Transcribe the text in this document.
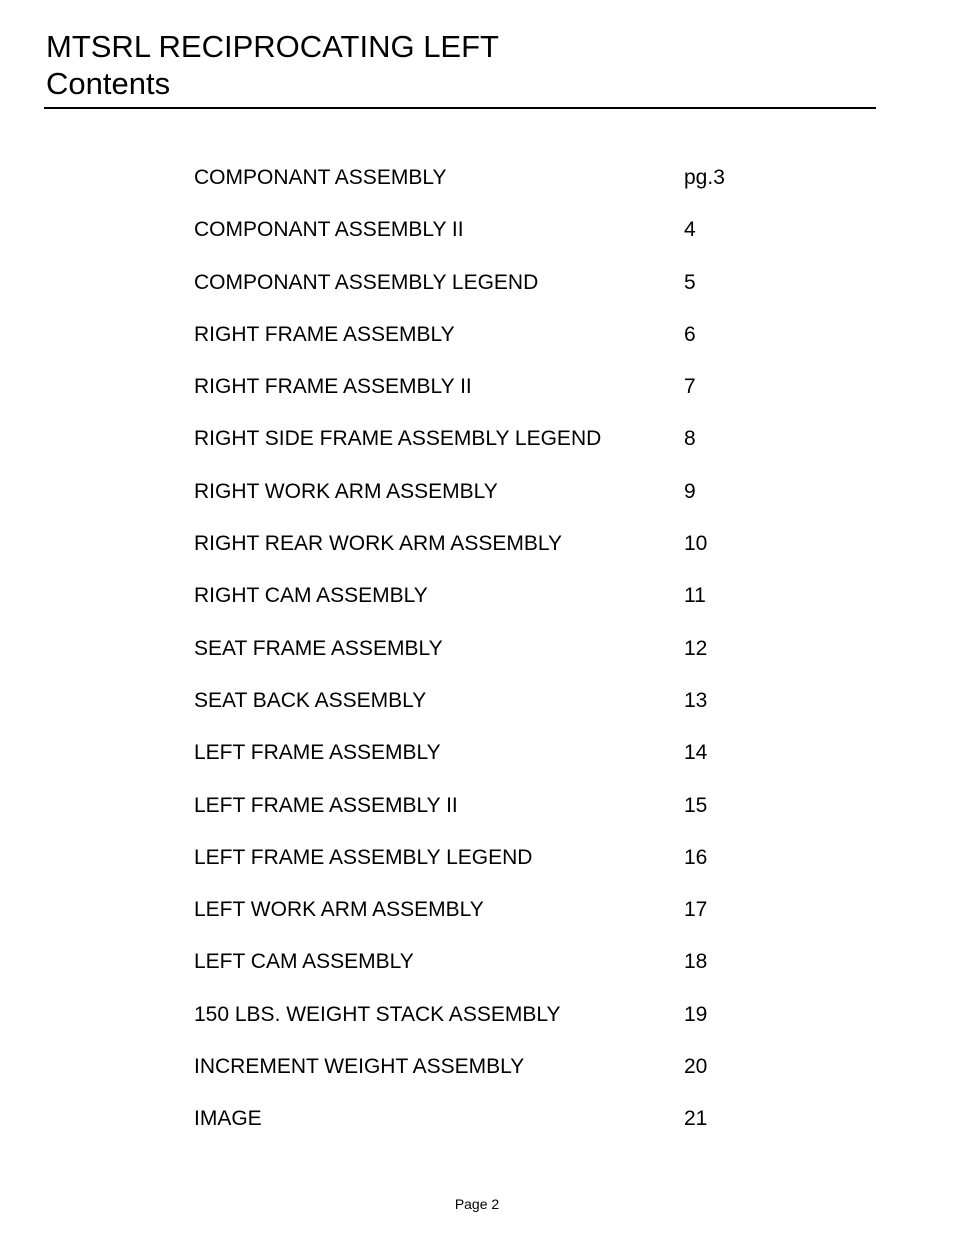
MTSRL RECIPROCATING LEFT
Contents
COMPONANT ASSEMBLY	pg.3
COMPONANT ASSEMBLY II	4
COMPONANT ASSEMBLY LEGEND	5
RIGHT FRAME ASSEMBLY	6
RIGHT FRAME ASSEMBLY II	7
RIGHT SIDE FRAME ASSEMBLY LEGEND	8
RIGHT WORK ARM ASSEMBLY	9
RIGHT REAR WORK ARM ASSEMBLY	10
RIGHT CAM ASSEMBLY	11
SEAT FRAME ASSEMBLY	12
SEAT BACK ASSEMBLY	13
LEFT FRAME ASSEMBLY	14
LEFT FRAME ASSEMBLY II	15
LEFT FRAME ASSEMBLY LEGEND	16
LEFT WORK ARM ASSEMBLY	17
LEFT CAM ASSEMBLY	18
150 LBS. WEIGHT STACK ASSEMBLY	19
INCREMENT WEIGHT ASSEMBLY	20
IMAGE	21
Page 2
